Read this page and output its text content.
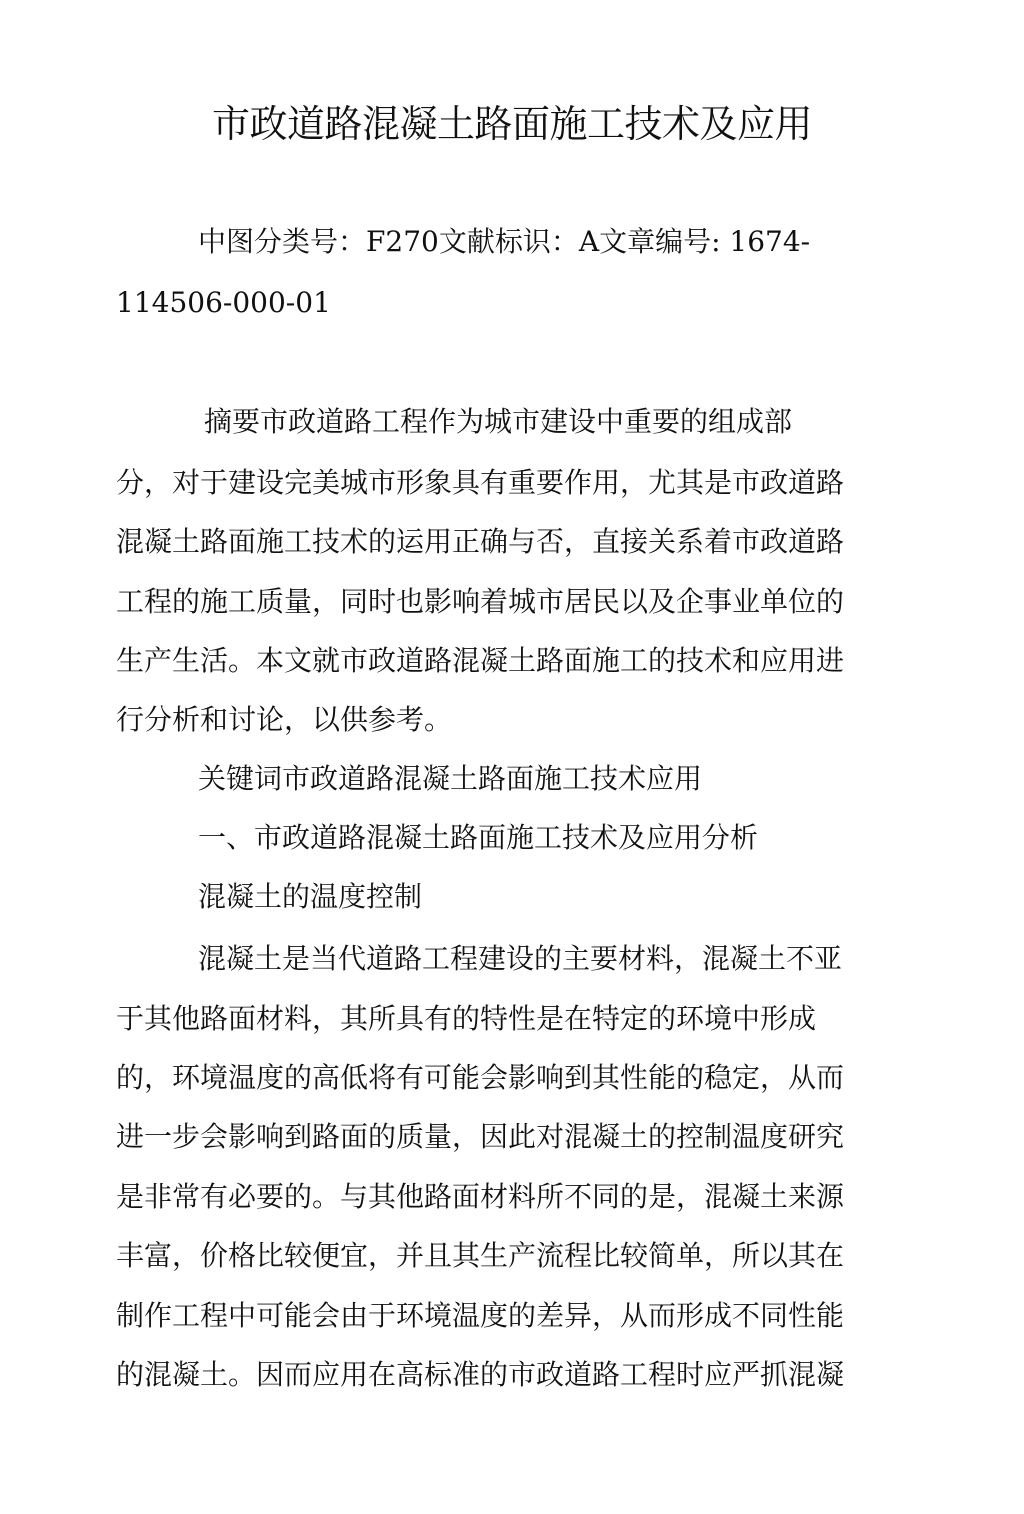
市政道路混凝土路面施工技术及应用

中图分类号：F270文献标识：A文章编号: 1674-

114506-000-01

摘要市政道路工程作为城市建设中重要的组成部

分，对于建设完美城市形象具有重要作用，尤其是市政道路

混凝土路面施工技术的运用正确与否，直接关系着市政道路

工程的施工质量，同时也影响着城市居民以及企事业单位的

生产生活。本文就市政道路混凝土路面施工的技术和应用进

行分析和讨论，以供参考。

关键词市政道路混凝土路面施工技术应用

一、市政道路混凝土路面施工技术及应用分析

混凝土的温度控制

混凝土是当代道路工程建设的主要材料，混凝土不亚

于其他路面材料，其所具有的特性是在特定的环境中形成

的，环境温度的高低将有可能会影响到其性能的稳定，从而

进一步会影响到路面的质量，因此对混凝土的控制温度研究

是非常有必要的。与其他路面材料所不同的是，混凝土来源

丰富，价格比较便宜，并且其生产流程比较简单，所以其在

制作工程中可能会由于环境温度的差异，从而形成不同性能

的混凝土。因而应用在高标准的市政道路工程时应严抓混凝
